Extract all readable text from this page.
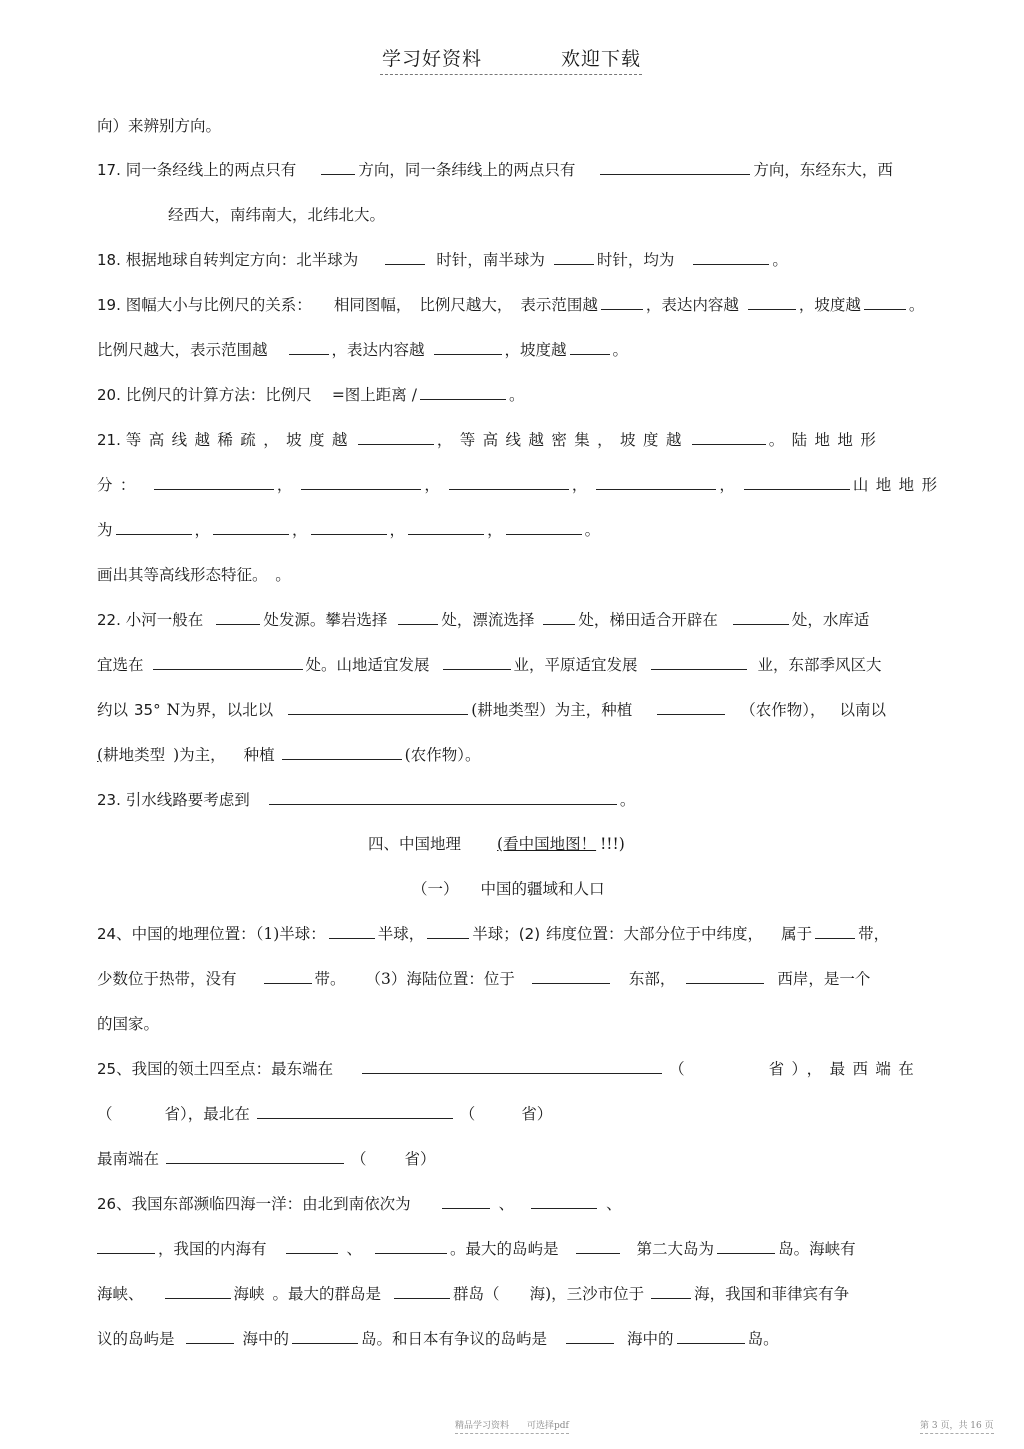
学习好资料	欢迎下载
向）来辨别方向。
17. 同一条经线上的两点只有	方向，同一条纬线上的两点只有	方向，东经东大，西
经西大，南纬南大，北纬北大。
18. 根据地球自转判定方向：北半球为	时针，南半球为	时针，均为	。
19. 图幅大小与比例尺的关系： 相同图幅， 比例尺越大， 表示范围越	，表达内容越	，坡度越	。
比例尺越大，表示范围越	，表达内容越	，坡度越	。
20. 比例尺的计算方法：比例尺 =图上距离 /	。
21. 等高线越稀疏，坡度越	，等高线越密集，坡度越	。陆地地形
分：	，	，	，	，	山地地形
为	，	，	，	，	。
画出其等高线形态特征。　。
22. 小河一般在	处发源。攀岩选择	处，漂流选择	处，梯田适合开辟在	处，水库适
宜选在	处。山地适宜发展	业，平原适宜发展	业，东部季风区大
约以 35° N为界，以北以	(耕地类型）为主，种植	（农作物）， 以南以
(耕地类型 )为主， 种植	(农作物）。
23. 引水线路要考虑到	。
四、中国地理 (看中国地图！ !!!)
（一） 中国的疆域和人口
24、中国的地理位置：（1)半球：	半球，	半球；(2) 纬度位置：大部分位于中纬度， 属于	带，
少数位于热带，没有	带。 （3）海陆位置：位于	东部，	西岸，是一个
的国家。
25、我国的领土四至点：最东端在	（	省），最西端在
（	省），最北在	（	省）
最南端在	（ 省）
26、我国东部濒临四海一洋：由北到南依次为	、	、
，我国的内海有	、	。最大的岛屿是	第二大岛为	岛。海峡有
海峡、	海峡 。最大的群岛是	群岛（ 海)，三沙市位于	海，我国和菲律宾有争
议的岛屿是	海中的	岛。和日本有争议的岛屿是	海中的	岛。
精品学习资料　　可选择pdf	第 3 页，共 16 页
